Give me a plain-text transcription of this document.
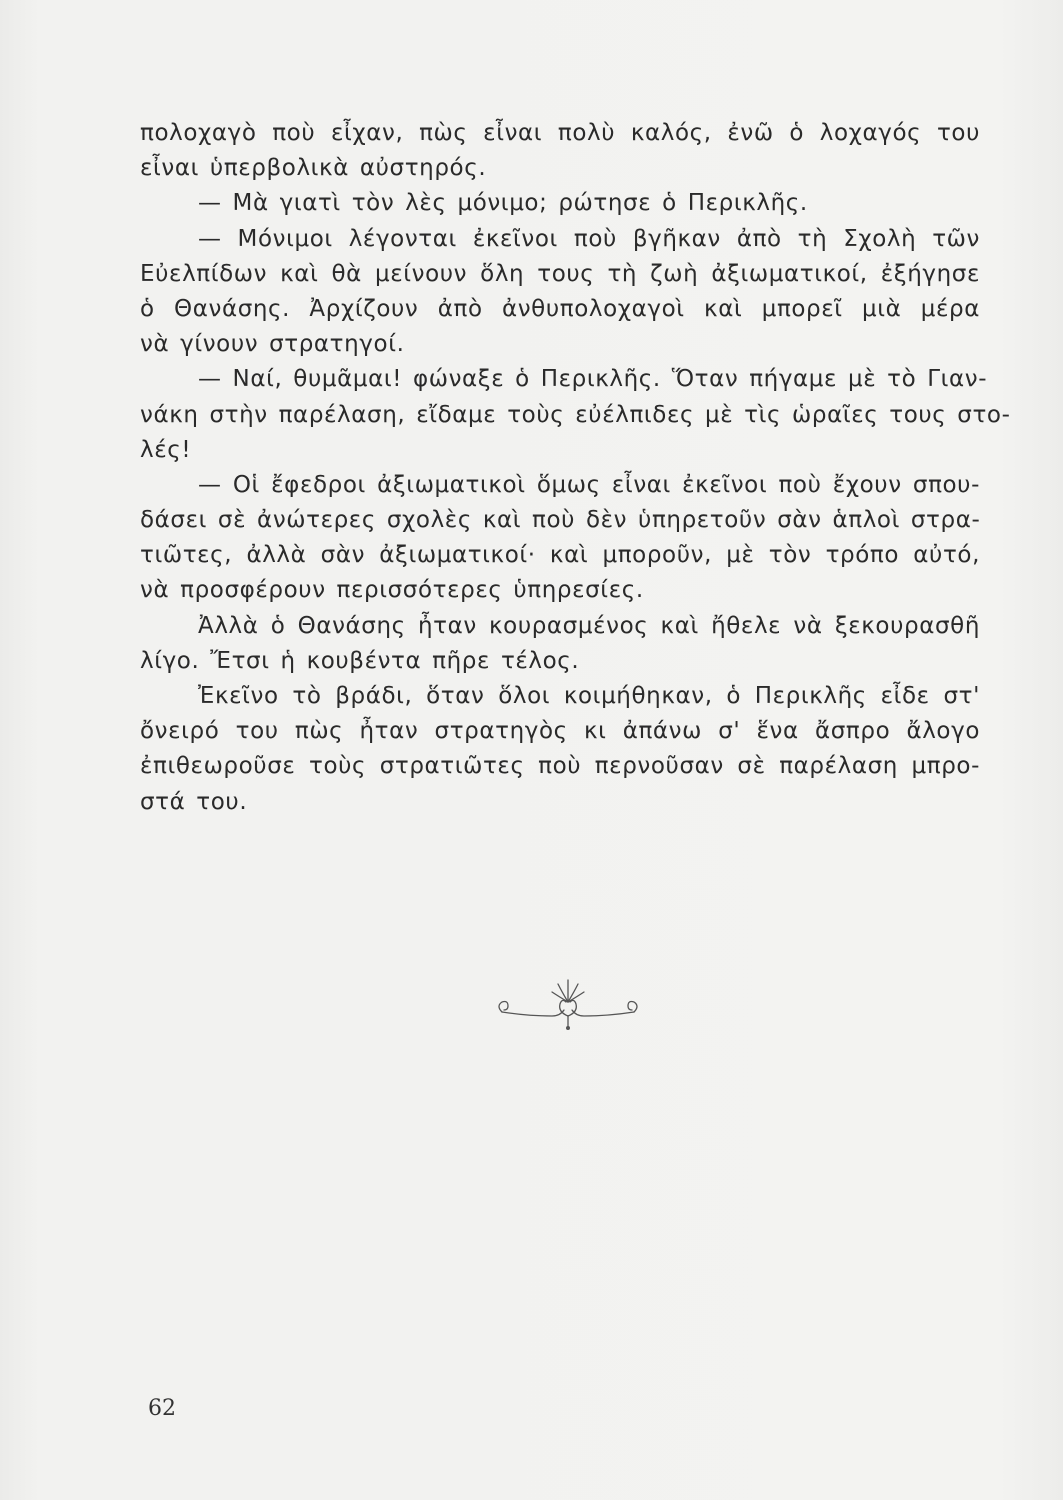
πολοχαγὸ ποὺ εἶχαν, πὼς εἶναι πολὺ καλός, ἐνῶ ὁ λοχαγός του
εἶναι ὑπερβολικὰ αὐστηρός.
— Μὰ γιατὶ τὸν λὲς μόνιμο; ρώτησε ὁ Περικλῆς.
— Μόνιμοι λέγονται ἐκεῖνοι ποὺ βγῆκαν ἀπὸ τὴ Σχολὴ τῶν
Εὐελπίδων καὶ θὰ μείνουν ὅλη τους τὴ ζωὴ ἀξιωματικοί, ἐξήγησε
ὁ Θανάσης. Ἀρχίζουν ἀπὸ ἀνθυπολοχαγοὶ καὶ μπορεῖ μιὰ μέρα
νὰ γίνουν στρατηγοί.
— Ναί, θυμᾶμαι! φώναξε ὁ Περικλῆς. Ὅταν πήγαμε μὲ τὸ Γιαν-
νάκη στὴν παρέλαση, εἴδαμε τοὺς εὐέλπιδες μὲ τὶς ὡραῖες τους στο-
λές!
— Οἱ ἔφεδροι ἀξιωματικοὶ ὅμως εἶναι ἐκεῖνοι ποὺ ἔχουν σπου-
δάσει σὲ ἀνώτερες σχολὲς καὶ ποὺ δὲν ὑπηρετοῦν σὰν ἁπλοὶ στρα-
τιῶτες, ἀλλὰ σὰν ἀξιωματικοί· καὶ μποροῦν, μὲ τὸν τρόπο αὐτό,
νὰ προσφέρουν περισσότερες ὑπηρεσίες.
Ἀλλὰ ὁ Θανάσης ἦταν κουρασμένος καὶ ἤθελε νὰ ξεκουρασθῆ
λίγο. Ἔτσι ἡ κουβέντα πῆρε τέλος.
Ἐκεῖνο τὸ βράδι, ὅταν ὅλοι κοιμήθηκαν, ὁ Περικλῆς εἶδε στ'
ὄνειρό του πὼς ἦταν στρατηγὸς κι ἀπάνω σ' ἕνα ἄσπρο ἄλογο
ἐπιθεωροῦσε τοὺς στρατιῶτες ποὺ περνοῦσαν σὲ παρέλαση μπρο-
στά του.
62
